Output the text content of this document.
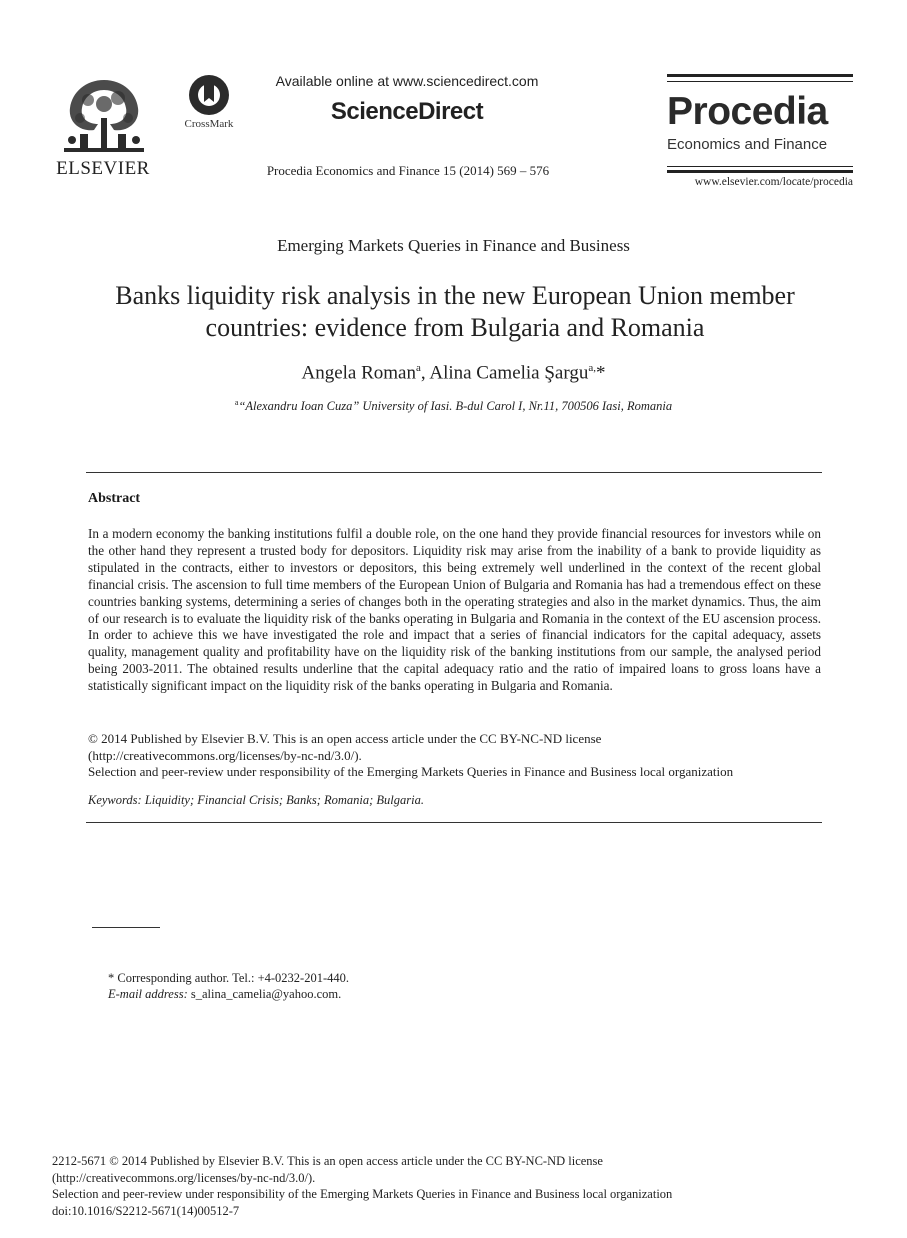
ELSEVIER
CrossMark
Available online at www.sciencedirect.com
ScienceDirect
Procedia Economics and Finance 15 (2014) 569 – 576
Procedia
Economics and Finance
www.elsevier.com/locate/procedia
Emerging Markets Queries in Finance and Business
Banks liquidity risk analysis in the new European Union member
countries: evidence from Bulgaria and Romania
Angela Roman$^a$, Alina Camelia Şargu$^{a,}$*
$^a$“Alexandru Ioan Cuza” University of Iasi. B-dul Carol I, Nr.11, 700506 Iasi, Romania
Abstract
In a modern economy the banking institutions fulfil a double role, on the one hand they provide financial resources for investors while on the other hand they represent a trusted body for depositors. Liquidity risk may arise from the inability of a bank to provide liquidity as stipulated in the contracts, either to investors or depositors, this being extremely well underlined in the context of the recent global financial crisis. The ascension to full time members of the European Union of Bulgaria and Romania has had a tremendous effect on these countries banking systems, determining a series of changes both in the operating strategies and also in the market dynamics. Thus, the aim of our research is to evaluate the liquidity risk of the banks operating in Bulgaria and Romania in the context of the EU ascension process. In order to achieve this we have investigated the role and impact that a series of financial indicators for the capital adequacy, assets quality, management quality and profitability have on the liquidity risk of the banking institutions from our sample, the analysed period being 2003-2011. The obtained results underline that the capital adequacy ratio and the ratio of impaired loans to gross loans have a statistically significant impact on the liquidity risk of the banks operating in Bulgaria and Romania.
© 2014 Published by Elsevier B.V. This is an open access article under the CC BY-NC-ND license
(http://creativecommons.org/licenses/by-nc-nd/3.0/).
Selection and peer-review under responsibility of the Emerging Markets Queries in Finance and Business local organization
Keywords: Liquidity; Financial Crisis; Banks; Romania; Bulgaria.
* Corresponding author. Tel.: +4-0232-201-440.
E-mail address: s_alina_camelia@yahoo.com.
2212-5671 © 2014 Published by Elsevier B.V. This is an open access article under the CC BY-NC-ND license
(http://creativecommons.org/licenses/by-nc-nd/3.0/).
Selection and peer-review under responsibility of the Emerging Markets Queries in Finance and Business local organization
doi:10.1016/S2212-5671(14)00512-7
